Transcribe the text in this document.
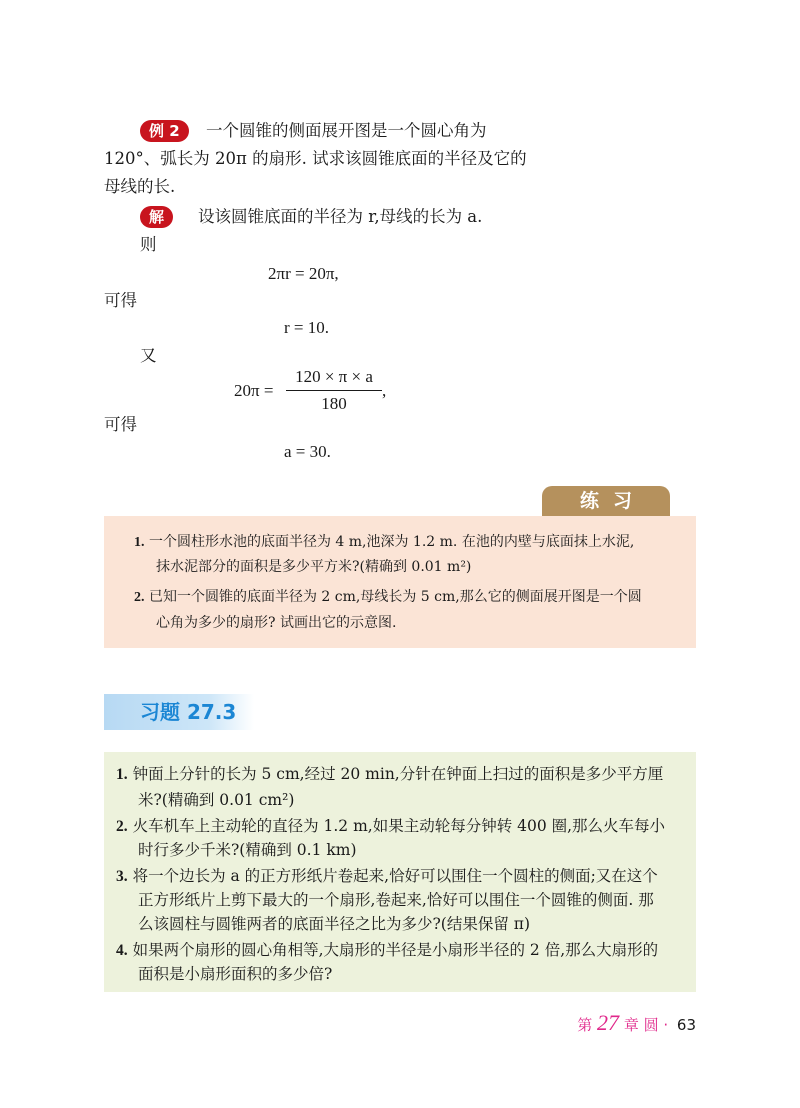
例 2	一个圆锥的侧面展开图是一个圆心角为
120°、弧长为 20π 的扇形. 试求该圆锥底面的半径及它的
母线的长.
解	设该圆锥底面的半径为 r,母线的长为 a.
则
2πr = 20π,
可得
r = 10.
又
20π =
120 × π × a
180
,
可得
a = 30.
练习
1. 一个圆柱形水池的底面半径为 4 m,池深为 1.2 m. 在池的内壁与底面抹上水泥,
抹水泥部分的面积是多少平方米?(精确到 0.01 m²)
2. 已知一个圆锥的底面半径为 2 cm,母线长为 5 cm,那么它的侧面展开图是一个圆
心角为多少的扇形? 试画出它的示意图.
习题 27.3
1. 钟面上分针的长为 5 cm,经过 20 min,分针在钟面上扫过的面积是多少平方厘
米?(精确到 0.01 cm²)
2. 火车机车上主动轮的直径为 1.2 m,如果主动轮每分钟转 400 圈,那么火车每小
时行多少千米?(精确到 0.1 km)
3. 将一个边长为 a 的正方形纸片卷起来,恰好可以围住一个圆柱的侧面;又在这个
正方形纸片上剪下最大的一个扇形,卷起来,恰好可以围住一个圆锥的侧面. 那
么该圆柱与圆锥两者的底面半径之比为多少?(结果保留 π)
4. 如果两个扇形的圆心角相等,大扇形的半径是小扇形半径的 2 倍,那么大扇形的
面积是小扇形面积的多少倍?
第 27 章 圆 · 63
